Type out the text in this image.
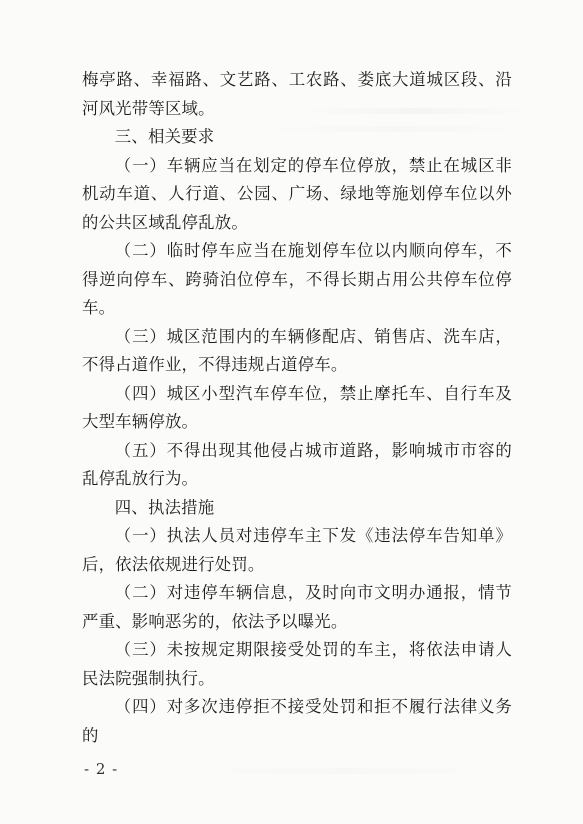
梅亭路、幸福路、文艺路、工农路、娄底大道城区段、沿河风光带等区域。

三、相关要求

（一）车辆应当在划定的停车位停放，禁止在城区非机动车道、人行道、公园、广场、绿地等施划停车位以外的公共区域乱停乱放。

（二）临时停车应当在施划停车位以内顺向停车，不得逆向停车、跨骑泊位停车，不得长期占用公共停车位停车。

（三）城区范围内的车辆修配店、销售店、洗车店，不得占道作业，不得违规占道停车。

（四）城区小型汽车停车位，禁止摩托车、自行车及大型车辆停放。

（五）不得出现其他侵占城市道路，影响城市市容的乱停乱放行为。

四、执法措施

（一）执法人员对违停车主下发《违法停车告知单》后，依法依规进行处罚。

（二）对违停车辆信息，及时向市文明办通报，情节严重、影响恶劣的，依法予以曝光。

（三）未按规定期限接受处罚的车主，将依法申请人民法院强制执行。

（四）对多次违停拒不接受处罚和拒不履行法律义务的

- 2 -
